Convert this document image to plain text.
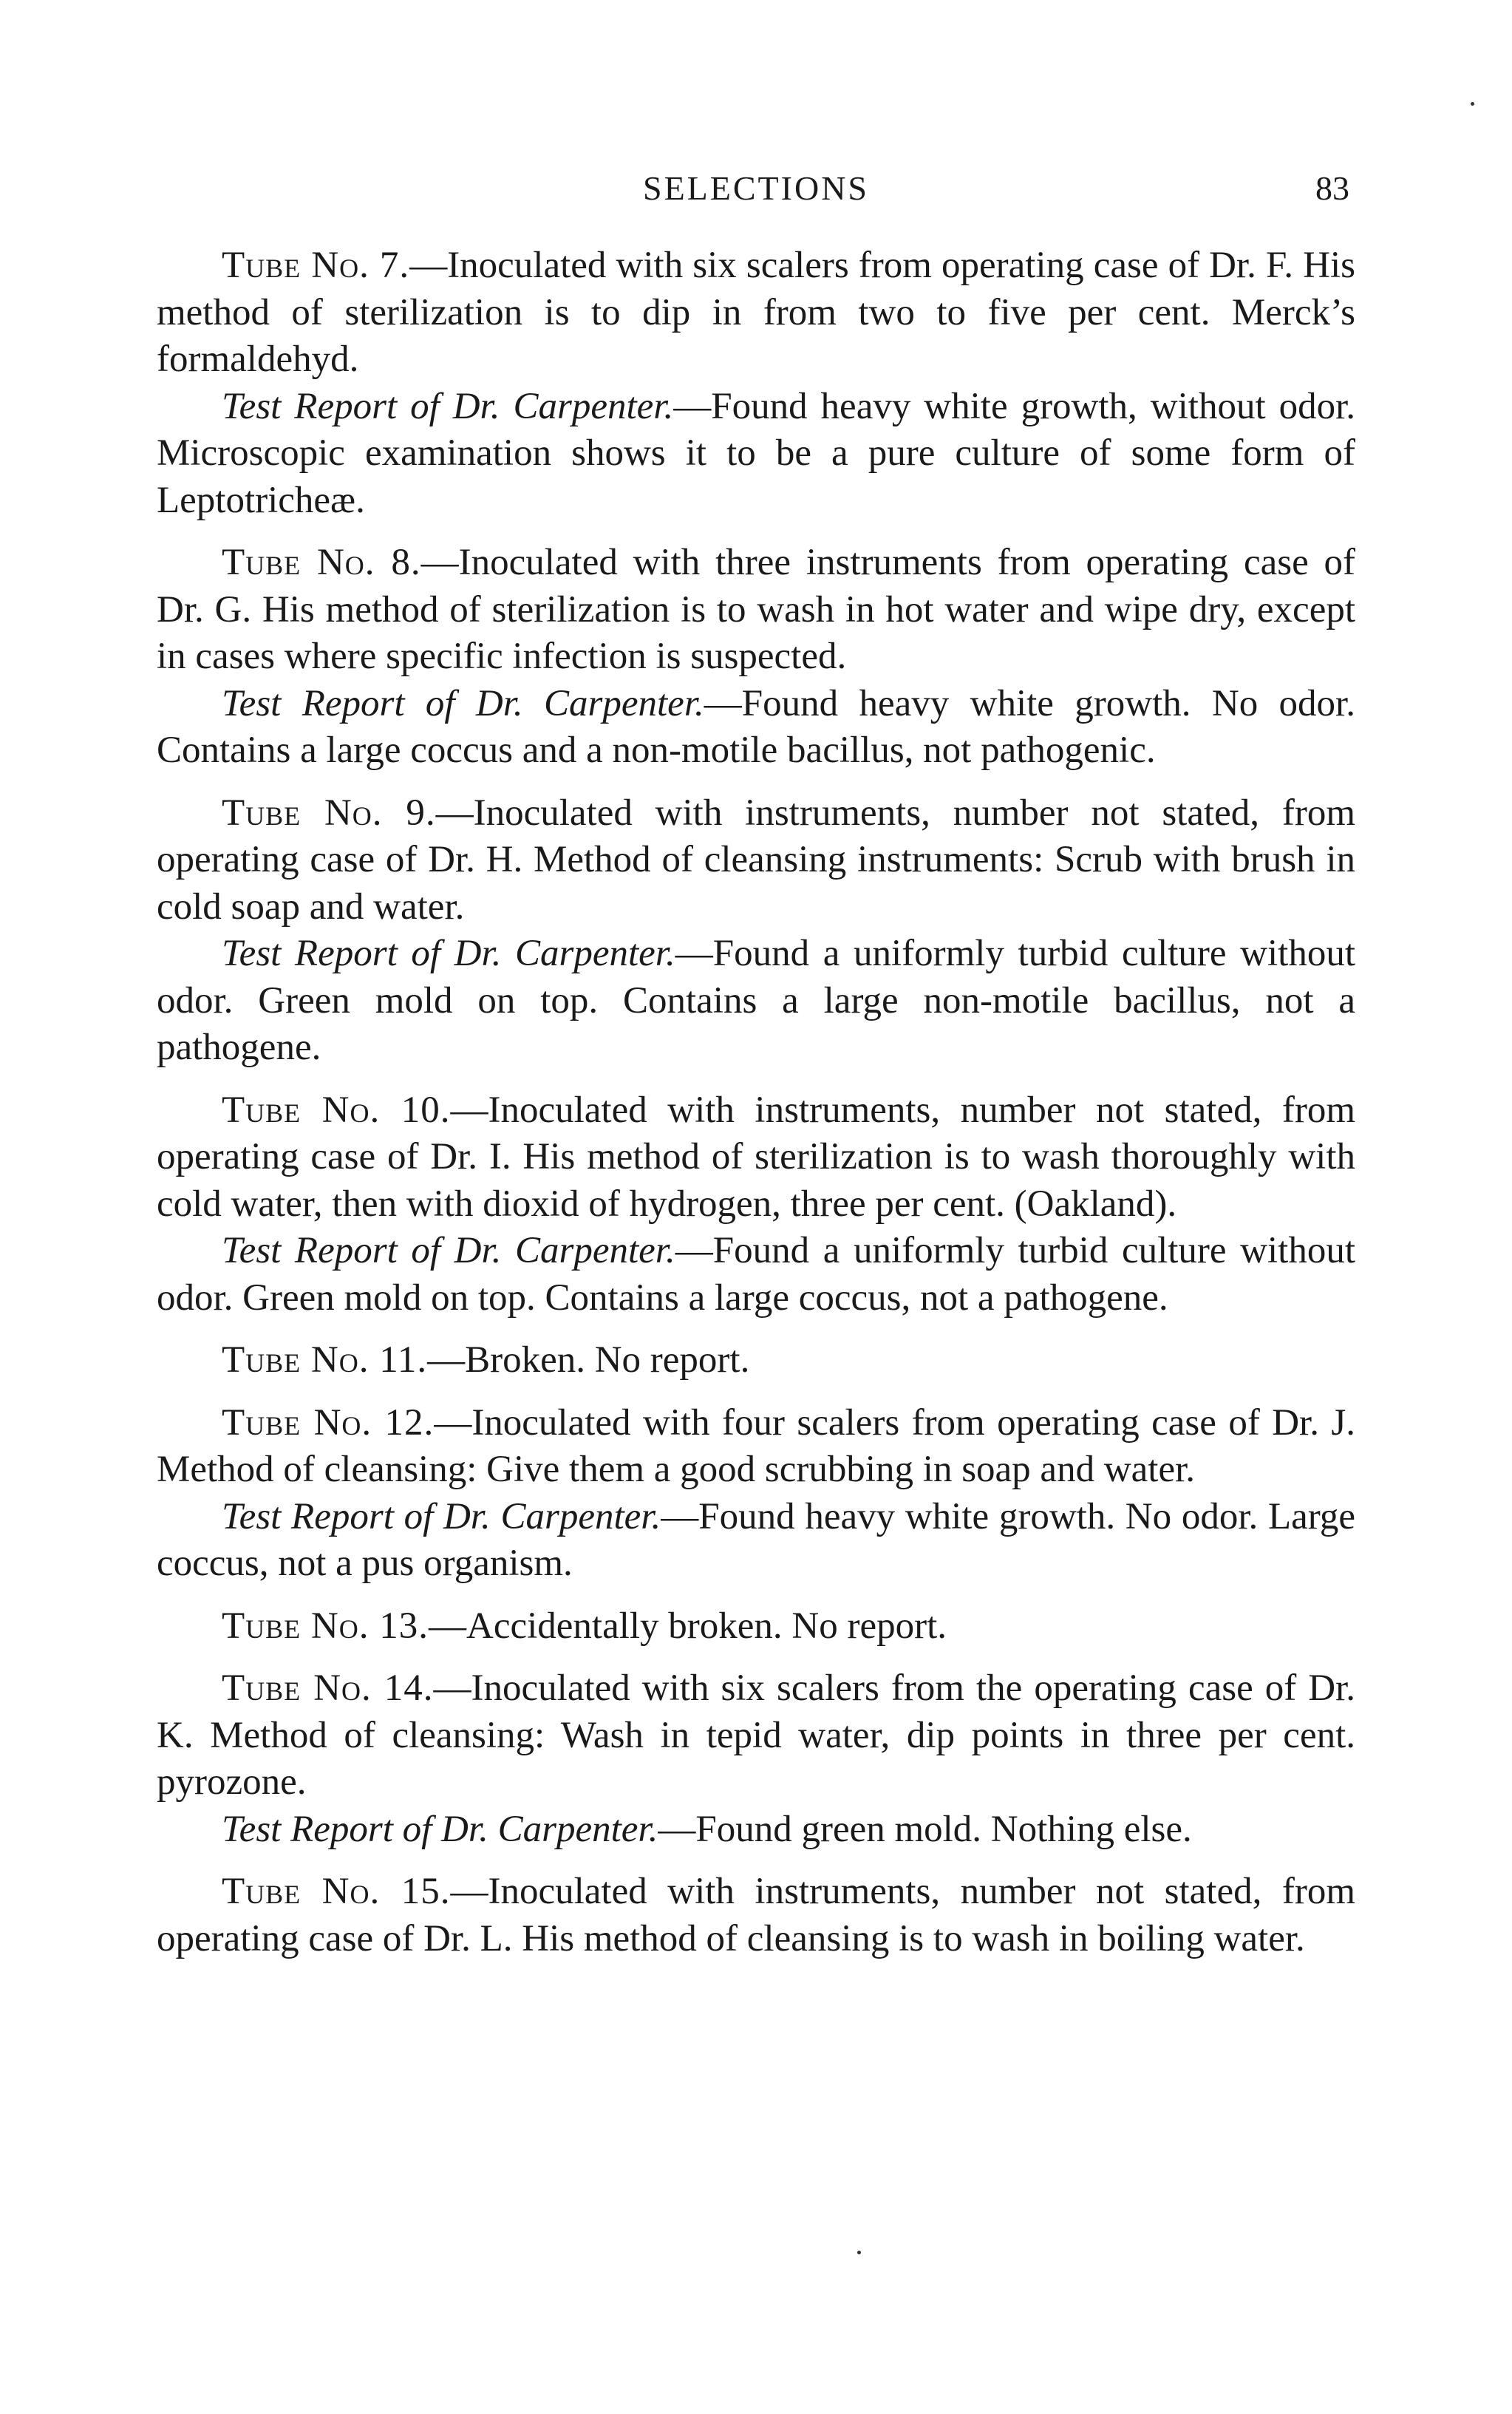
SELECTIONS	83

Tube No. 7.—Inoculated with six scalers from operating case of Dr. F. His method of sterilization is to dip in from two to five per cent. Merck’s formaldehyd.

Test Report of Dr. Carpenter.—Found heavy white growth, without odor. Microscopic examination shows it to be a pure culture of some form of Leptotricheæ.

Tube No. 8.—Inoculated with three instruments from operating case of Dr. G. His method of sterilization is to wash in hot water and wipe dry, except in cases where specific infection is suspected.

Test Report of Dr. Carpenter.—Found heavy white growth. No odor. Contains a large coccus and a non-motile bacillus, not pathogenic.

Tube No. 9.—Inoculated with instruments, number not stated, from operating case of Dr. H. Method of cleansing instruments: Scrub with brush in cold soap and water.

Test Report of Dr. Carpenter.—Found a uniformly turbid culture without odor. Green mold on top. Contains a large non-motile bacillus, not a pathogene.

Tube No. 10.—Inoculated with instruments, number not stated, from operating case of Dr. I. His method of sterilization is to wash thoroughly with cold water, then with dioxid of hydrogen, three per cent. (Oakland).

Test Report of Dr. Carpenter.—Found a uniformly turbid culture without odor. Green mold on top. Contains a large coccus, not a pathogene.

Tube No. 11.—Broken. No report.

Tube No. 12.—Inoculated with four scalers from operating case of Dr. J. Method of cleansing: Give them a good scrubbing in soap and water.

Test Report of Dr. Carpenter.—Found heavy white growth. No odor. Large coccus, not a pus organism.

Tube No. 13.—Accidentally broken. No report.

Tube No. 14.—Inoculated with six scalers from the operating case of Dr. K. Method of cleansing: Wash in tepid water, dip points in three per cent. pyrozone.

Test Report of Dr. Carpenter.—Found green mold. Nothing else.

Tube No. 15.—Inoculated with instruments, number not stated, from operating case of Dr. L. His method of cleansing is to wash in boiling water.
